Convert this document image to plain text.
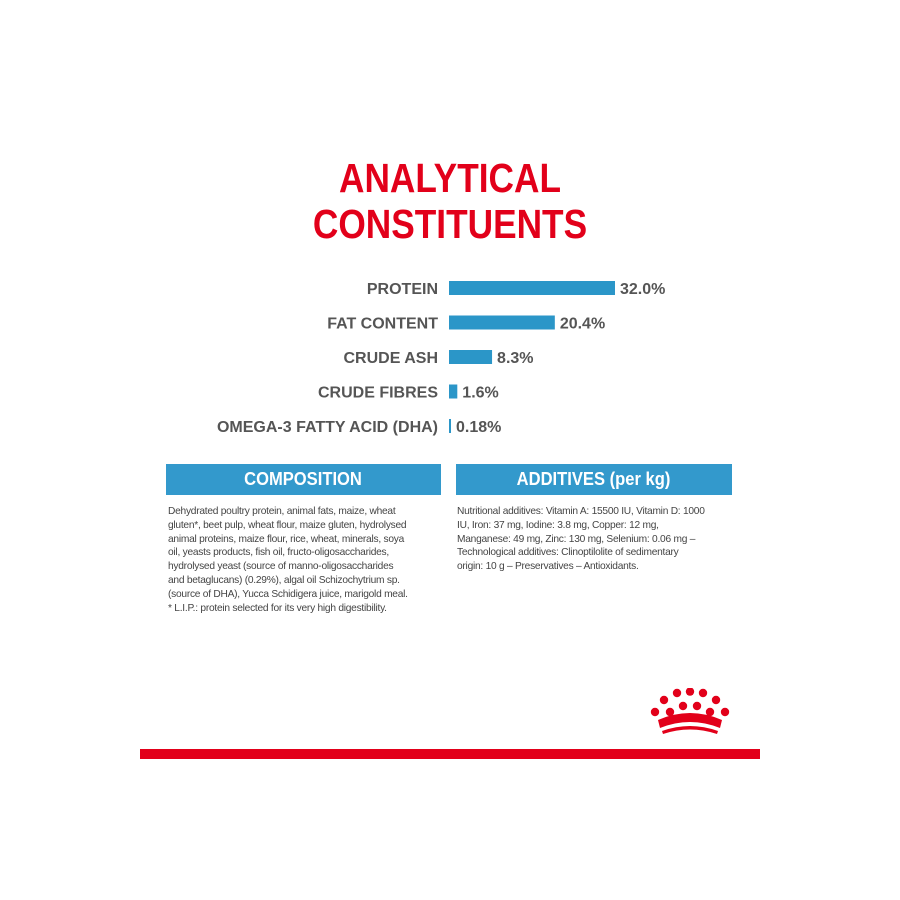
ANALYTICAL
CONSTITUENTS
PROTEIN	32.0%
FAT CONTENT	20.4%
CRUDE ASH	8.3%
CRUDE FIBRES 1.6%
OMEGA-3 FATTY ACID (DHA) 0.18%
COMPOSITION
Dehydrated poultry protein, animal fats, maize, wheat
gluten*, beet pulp, wheat flour, maize gluten, hydrolysed
animal proteins, maize flour, rice, wheat, minerals, soya
oil, yeasts products, fish oil, fructo-oligosaccharides,
hydrolysed yeast (source of manno-oligosaccharides
and betaglucans) (0.29%), algal oil Schizochytrium sp.
(source of DHA), Yucca Schidigera juice, marigold meal.
* L.I.P.: protein selected for its very high digestibility.
ADDITIVES (per kg)
Nutritional additives: Vitamin A: 15500 IU, Vitamin D: 1000
IU, Iron: 37 mg, Iodine: 3.8 mg, Copper: 12 mg,
Manganese: 49 mg, Zinc: 130 mg, Selenium: 0.06 mg –
Technological additives: Clinoptilolite of sedimentary
origin: 10 g – Preservatives – Antioxidants.
